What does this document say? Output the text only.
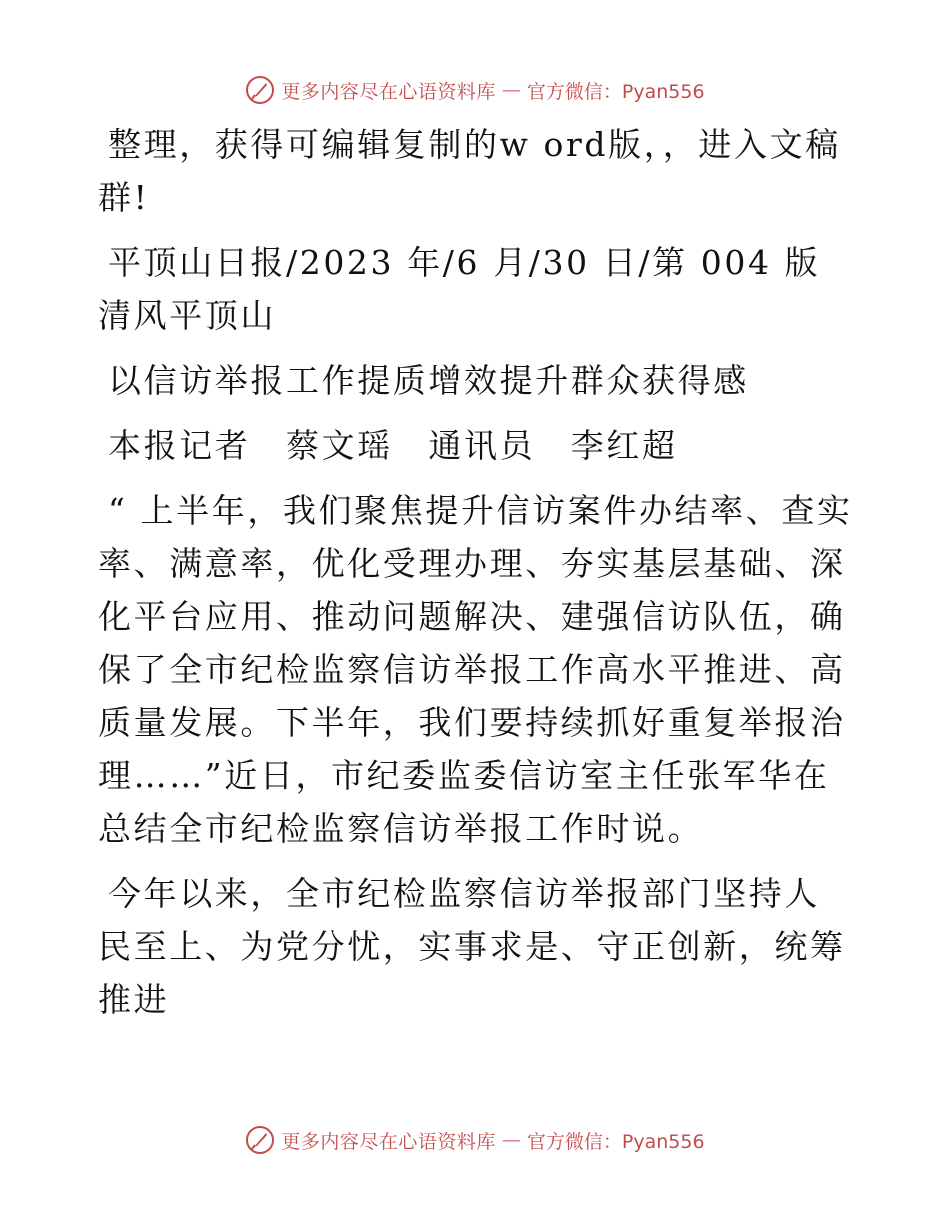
更多内容尽在心语资料库 — 官方微信：Pyan556

整理，获得可编辑复制的w ord版，，进入文稿群!

平顶山日报/2023 年/6 月/30 日/第 004 版清风平顶山

以信访举报工作提质增效提升群众获得感

本报记者　蔡文瑶　通讯员　李红超

“ 上半年，我们聚焦提升信访案件办结率、查实率、满意率，优化受理办理、夯实基层基础、深化平台应用、推动问题解决、建强信访队伍，确保了全市纪检监察信访举报工作高水平推进、高质量发展。下半年，我们要持续抓好重复举报治理……”近日，市纪委监委信访室主任张军华在总结全市纪检监察信访举报工作时说。

今年以来，全市纪检监察信访举报部门坚持人民至上、为党分忧，实事求是、守正创新，统筹推进

更多内容尽在心语资料库 — 官方微信：Pyan556
